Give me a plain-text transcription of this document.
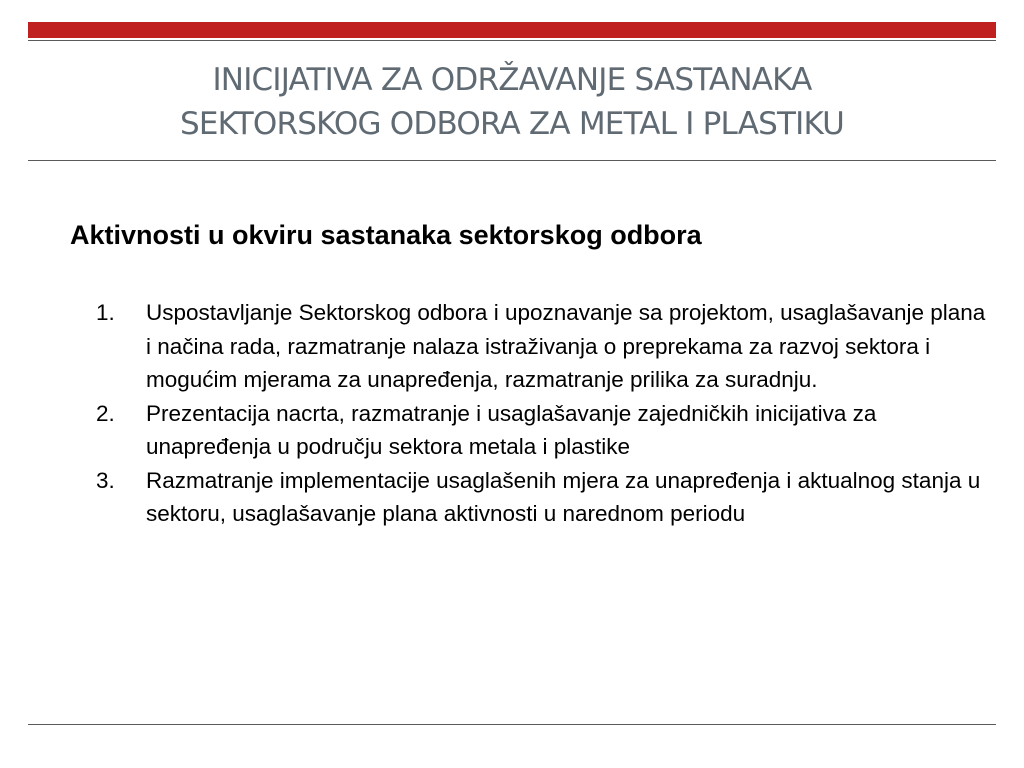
INICIJATIVA ZA ODRŽAVANJE SASTANAKA
SEKTORSKOG ODBORA ZA METAL I PLASTIKU
Aktivnosti u okviru sastanaka sektorskog odbora
1. Uspostavljanje Sektorskog odbora i upoznavanje sa projektom, usaglašavanje plana i načina rada, razmatranje nalaza istraživanja o preprekama za razvoj sektora i mogućim mjerama za unapređenja, razmatranje prilika za suradnju.
2. Prezentacija nacrta, razmatranje i usaglašavanje zajedničkih inicijativa za unapređenja u području sektora metala i plastike
3. Razmatranje implementacije usaglašenih mjera za unapređenja i aktualnog stanja u sektoru, usaglašavanje plana aktivnosti u narednom periodu
